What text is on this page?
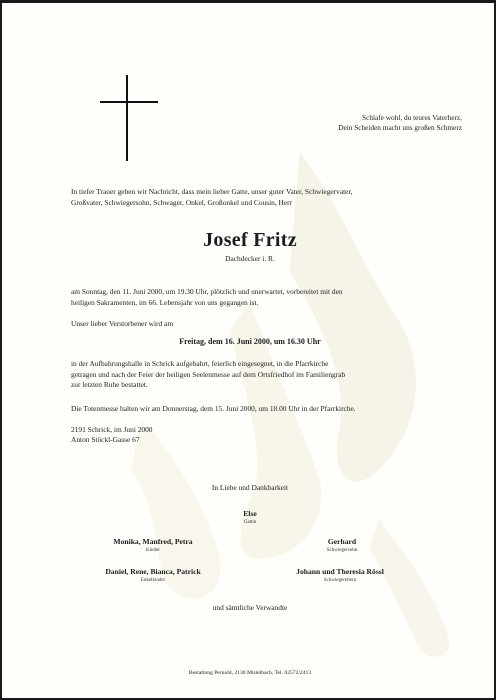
Schlafe wohl, du teures Vaterherz,
Dein Scheiden macht uns großen Schmerz
In tiefer Trauer geben wir Nachricht, dass mein lieber Gatte, unser guter Vater, Schwiegervater,
Großvater, Schwiegersohn, Schwager, Onkel, Großonkel und Cousin, Herr
Josef Fritz
Dachdecker i. R.
am Sonntag, den 11. Juni 2000, um 19.30 Uhr, plötzlich und unerwartet, vorbereitet mit den
heiligen Sakramenten, im 66. Lebensjahr von uns gegangen ist.
Unser lieber Verstorbener wird am
Freitag, dem 16. Juni 2000, um 16.30 Uhr
in der Aufbahrungshalle in Schrick aufgebahrt, feierlich eingesegnet, in die Pfarrkirche
getragen und nach der Feier der heiligen Seelenmesse auf dem Ortsfriedhof im Familiengrab
zur letzten Ruhe bestattet.
Die Totenmesse halten wir am Donnerstag, dem 15. Juni 2000, um 18.00 Uhr in der Pfarrkirche.
2191 Schrick, im Juni 2000
Anton Stöckl-Gasse 67
In Liebe und Dankbarkeit
Else
Gattin
Monika, Manfred, Petra
Kinder
Gerhard
Schwiegersohn
Daniel, Rene, Bianca, Patrick
Enkelkinder
Johann und Theresia Rössl
Schwiegereltern
und sämtliche Verwandte
Bestattung Pernold, 2130 Mistelbach, Tel. 02572/2413
